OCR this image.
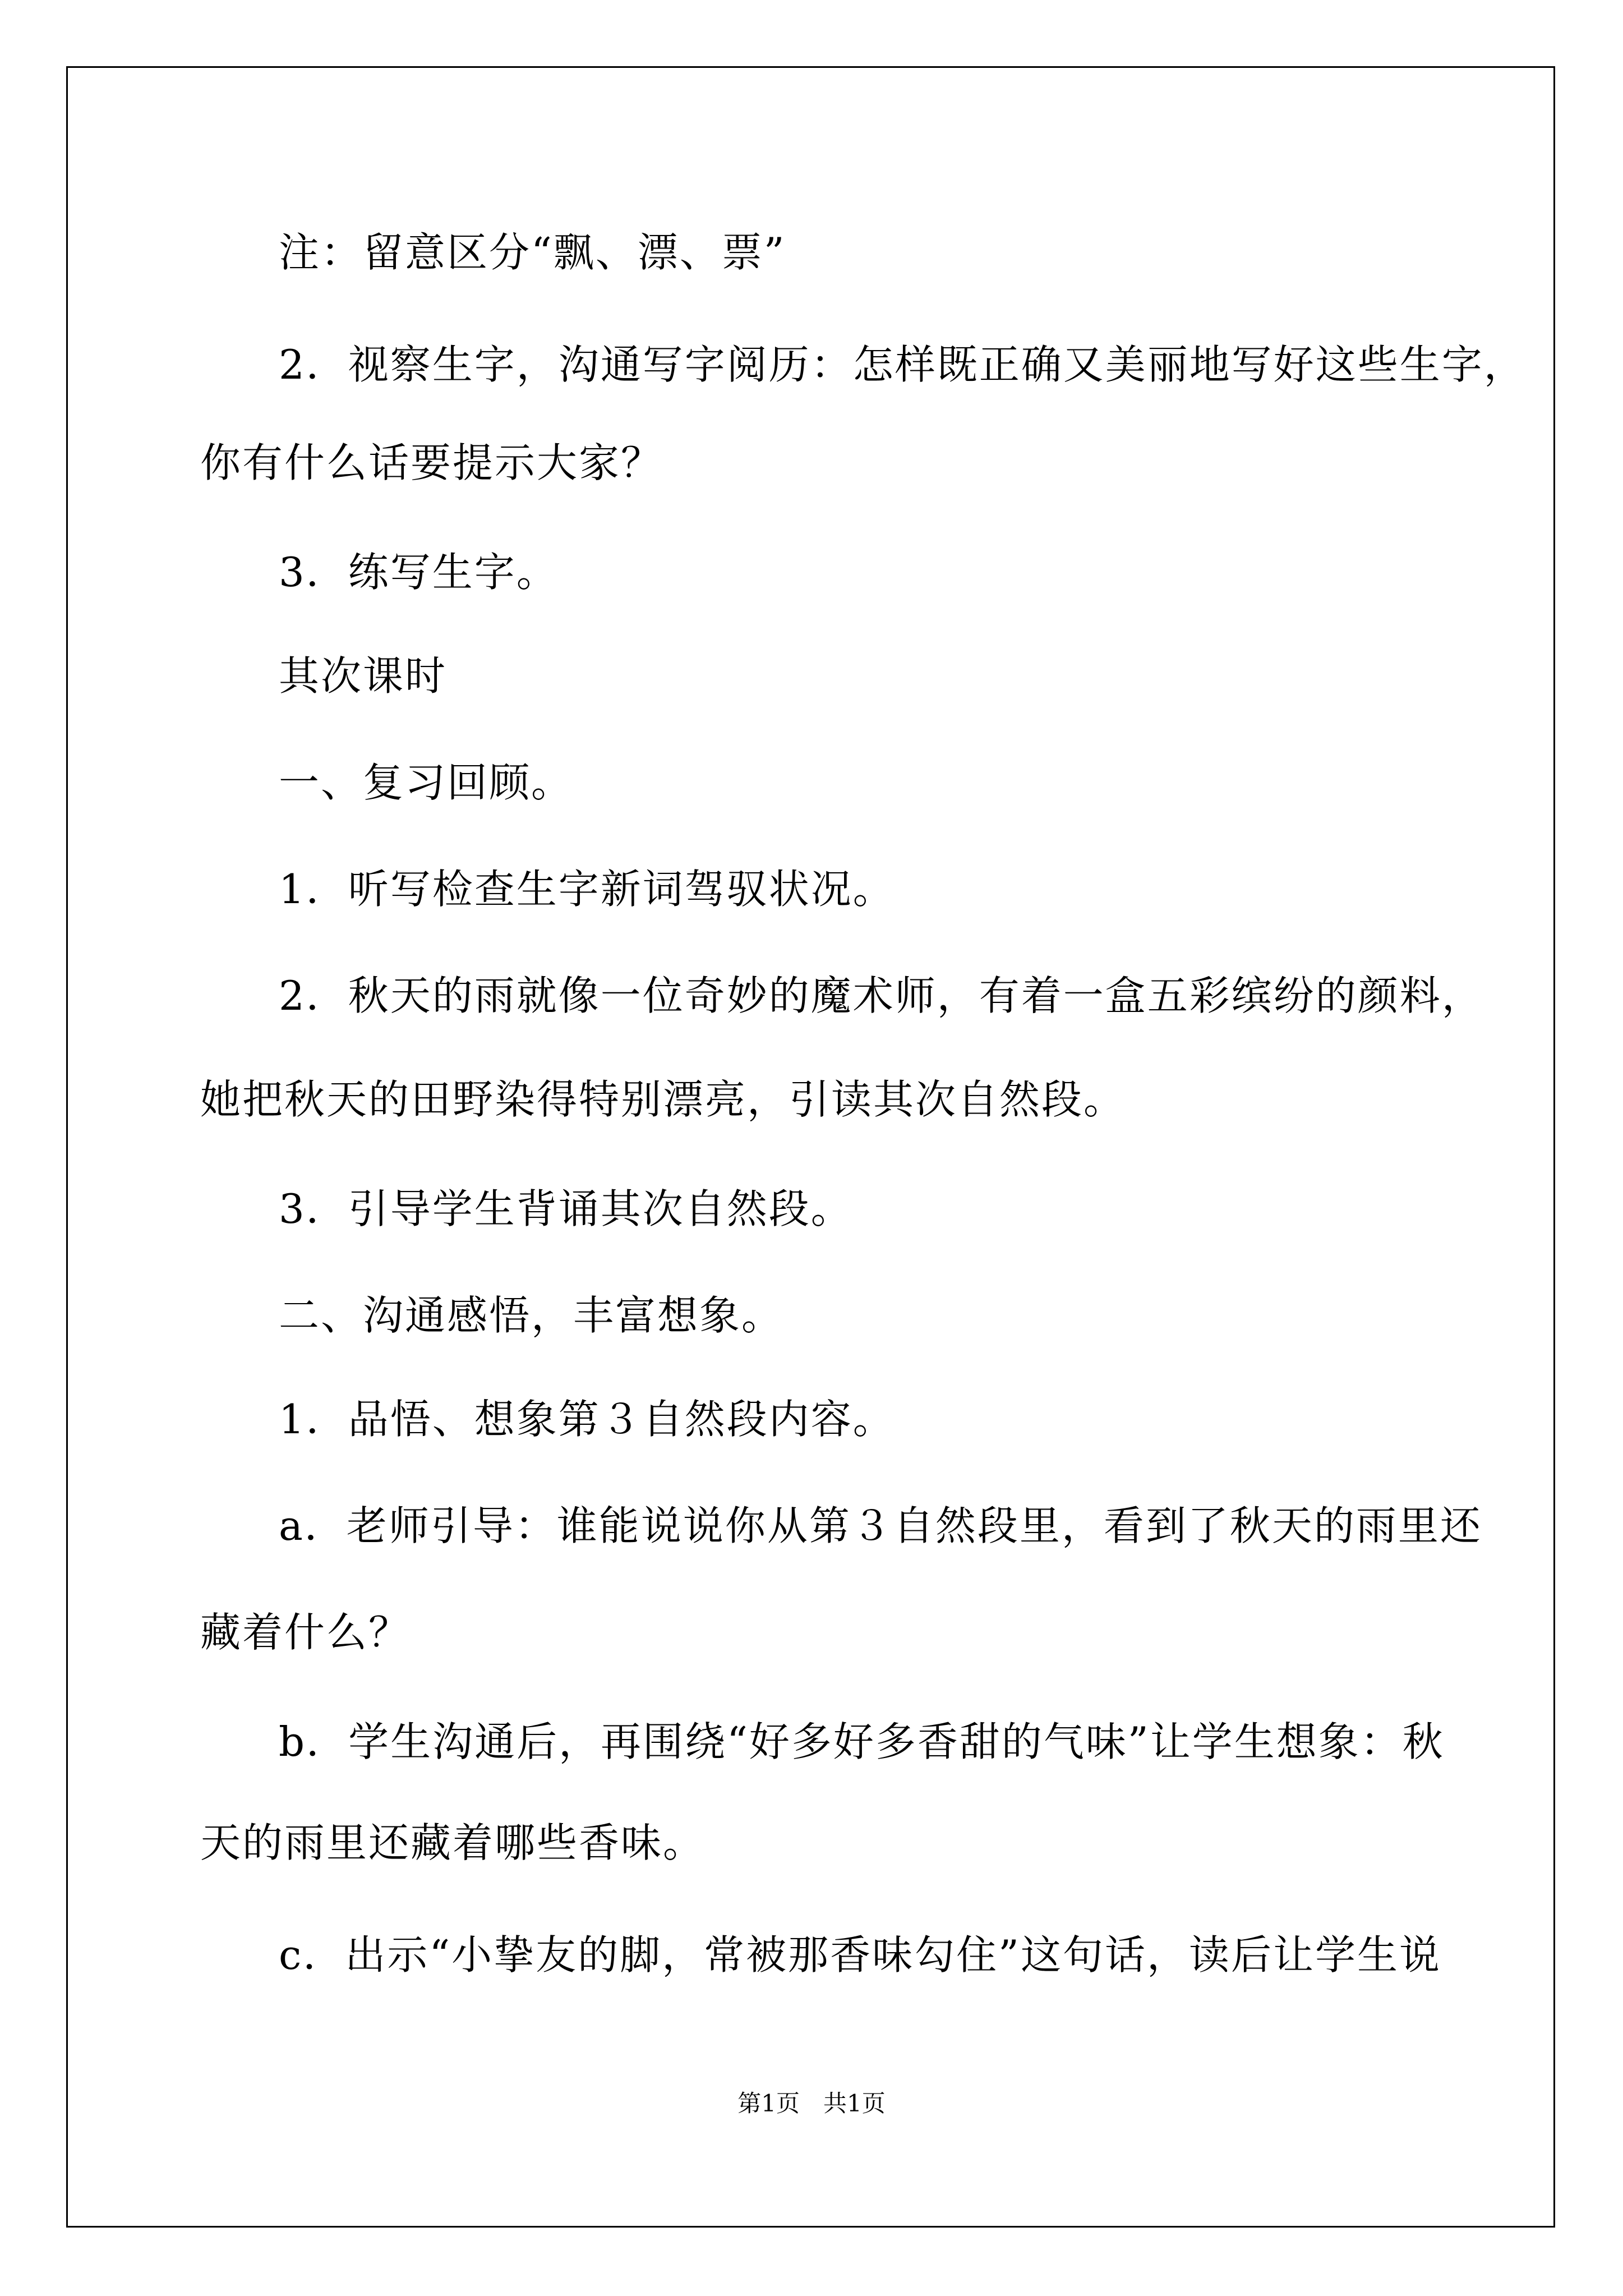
注：留意区分“飘、漂、票”
2．视察生字，沟通写字阅历：怎样既正确又美丽地写好这些生字，
你有什么话要提示大家？
3．练写生字。
其次课时
一、复习回顾。
1．听写检查生字新词驾驭状况。
2．秋天的雨就像一位奇妙的魔术师，有着一盒五彩缤纷的颜料，
她把秋天的田野染得特别漂亮，引读其次自然段。
3．引导学生背诵其次自然段。
二、沟通感悟，丰富想象。
1．品悟、想象第３自然段内容。
a．老师引导：谁能说说你从第３自然段里，看到了秋天的雨里还
藏着什么？
b．学生沟通后，再围绕“好多好多香甜的气味”让学生想象：秋
天的雨里还藏着哪些香味。
c．出示“小挚友的脚，常被那香味勾住”这句话，读后让学生说
第1页　共1页
